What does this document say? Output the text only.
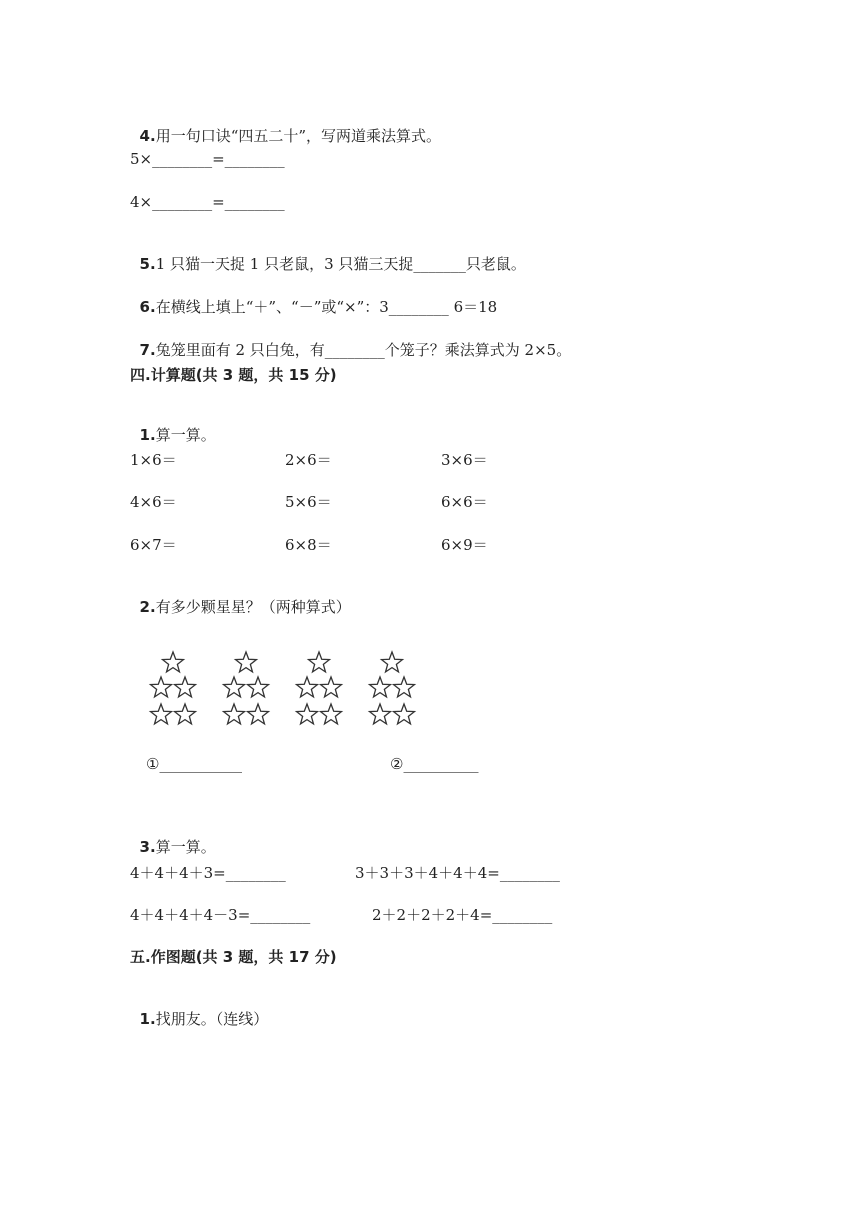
4.用一句口诀“四五二十”，写两道乘法算式。

5×________=________
4×________=________

5.1 只猫一天捉 1 只老鼠，3 只猫三天捉_______只老鼠。

6.在横线上填上“＋”、“－”或“×”：3________ 6＝18

7.兔笼里面有 2 只白兔，有________个笼子？乘法算式为 2×5。

四.计算题(共 3 题，共 15 分)

1.算一算。

1×6＝	2×6＝	3×6＝
4×6＝	5×6＝	6×6＝
6×7＝	6×8＝	6×9＝

2.有多少颗星星？（两种算式）

①___________	②__________

3.算一算。

4＋4＋4＋3=________	3＋3＋3＋4＋4＋4=________
4＋4＋4＋4－3=________	2＋2＋2＋2＋4=________
五.作图题(共 3 题，共 17 分)

1.找朋友。（连线）
